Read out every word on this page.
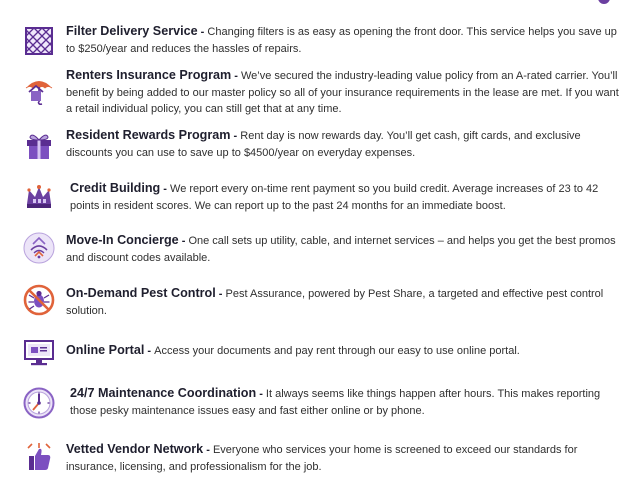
Filter Delivery Service - Changing filters is as easy as opening the front door. This service helps you save up to $250/year and reduces the hassles of repairs.
Renters Insurance Program - We’ve secured the industry-leading value policy from an A-rated carrier. You’ll benefit by being added to our master policy so all of your insurance requirements in the lease are met. If you want a retail individual policy, you can still get that at any time.
Resident Rewards Program - Rent day is now rewards day. You’ll get cash, gift cards, and exclusive discounts you can use to save up to $4500/year on everyday expenses.
Credit Building - We report every on-time rent payment so you build credit. Average increases of 23 to 42 points in resident scores. We can report up to the past 24 months for an immediate boost.
Move-In Concierge - One call sets up utility, cable, and internet services – and helps you get the best promos and discount codes available.
On-Demand Pest Control - Pest Assurance, powered by Pest Share, a targeted and effective pest control solution.
Online Portal - Access your documents and pay rent through our easy to use online portal.
24/7 Maintenance Coordination - It always seems like things happen after hours. This makes reporting those pesky maintenance issues easy and fast either online or by phone.
Vetted Vendor Network - Everyone who services your home is screened to exceed our standards for insurance, licensing, and professionalism for the job.
